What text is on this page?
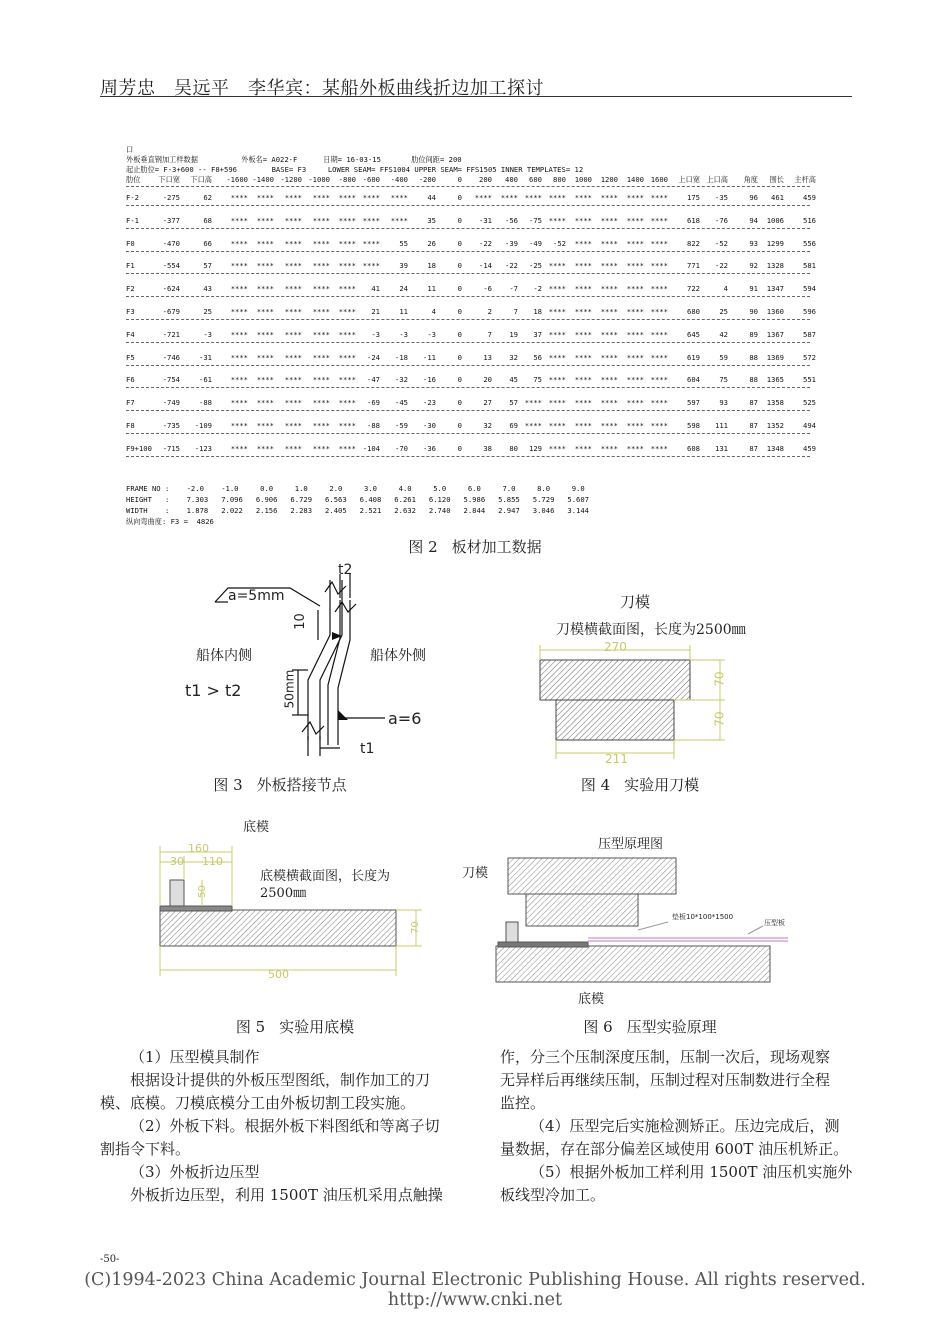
周芳忠　吴远平　李华宾：某船外板曲线折边加工探讨
口
外板垂直钢加工样数据          外板名= A022-F      日期= 16-03-15       肋位间距= 200
起止肋位= F-3+600 -- F8+596        BASE= F3     LOWER SEAM= FFS1004 UPPER SEAM= FFS1505 INNER TEMPLATES= 12
肋位	下口宽	下口高	-1600 -1400 -1200 -1000	-800 -600	-400	-200	0	200	400	600	800	1000	1200	1400 1600	上口宽 上口高	角度	围长	主杆高
F-2	-275	62	****	****	****	****	**** ****	****	44	0	****	**** **** ****	****	****	**** ****	175	-35	96	461	459
F-1	-377	68	****	****	****	****	**** ****	****	35	0	-31	-56	-75 ****	****	****	**** ****	618	-76	94	1006	516
F0	-470	66	****	****	****	****	**** ****	55	26	0	-22	-39	-49	-52	****	****	**** ****	822	-52	93	1299	556
F1	-554	57	****	****	****	****	**** ****	39	18	0	-14	-22	-25 ****	****	****	**** ****	771	-22	92	1328	581
F2	-624	43	****	****	****	****	****	41	24	11	0	-6	-7	-2 ****	****	****	**** ****	722	4	91	1347	594
F3	-679	25	****	****	****	****	****	21	11	4	0	2	7	18 ****	****	****	**** ****	680	25	90	1360	596
F4	-721	-3	****	****	****	****	****	-3	-3	-3	0	7	19	37 ****	****	****	**** ****	645	42	89	1367	587
F5	-746	-31	****	****	****	****	****	-24	-18	-11	0	13	32	56 ****	****	****	**** ****	619	59	88	1369	572
F6	-754	-61	****	****	****	****	****	-47	-32	-16	0	20	45	75 ****	****	****	**** ****	604	75	88	1365	551
F7	-749	-88	****	****	****	****	****	-69	-45	-23	0	27	57 **** ****	****	****	**** ****	597	93	87	1358	525
F8	-735	-109	****	****	****	****	****	-88	-59	-30	0	32	69 **** ****	****	****	**** ****	598	111	87	1352	494
F9+100	-715	-123	****	****	****	****	**** -104	-70	-36	0	38	80	129 ****	****	****	**** ****	608	131	87	1348	459
FRAME NO :    -2.0    -1.0     0.0     1.0     2.0     3.0     4.0     5.0     6.0     7.0     8.0     9.0
HEIGHT   :    7.303   7.096   6.906   6.729   6.563   6.408   6.261   6.120   5.986   5.855   5.729   5.607
WIDTH    :    1.878   2.022   2.156   2.283   2.405   2.521   2.632   2.740   2.844   2.947   3.046   3.144
纵向弯曲度: F3 =  4826
图 2 板材加工数据
t2
a=5mm
10
船体内侧	船体外侧
t1 > t2	50mm
a=6
t1
图 3 外板搭接节点
刀模
刀模横截面图，长度为2500㎜
270
70
70
211
图 4 实验用刀模
底模
160
30 110
50
底模横截面图，长度为
2500㎜
70
500
图 5 实验用底模
压型原理图
刀模
垫板10*100*1500
压型板
底模
图 6 压型实验原理
（1）压型模具制作
根据设计提供的外板压型图纸，制作加工的刀
模、底模。刀模底模分工由外板切割工段实施。
（2）外板下料。根据外板下料图纸和等离子切
割指令下料。
（3）外板折边压型
外板折边压型，利用 1500T 油压机采用点触操
作，分三个压制深度压制，压制一次后，现场观察
无异样后再继续压制，压制过程对压制数进行全程
监控。
（4）压型完后实施检测矫正。压边完成后，测
量数据，存在部分偏差区域使用 600T 油压机矫正。
（5）根据外板加工样利用 1500T 油压机实施外
板线型冷加工。
-50-
(C)1994-2023 China Academic Journal Electronic Publishing House. All rights reserved. http://www.cnki.net
